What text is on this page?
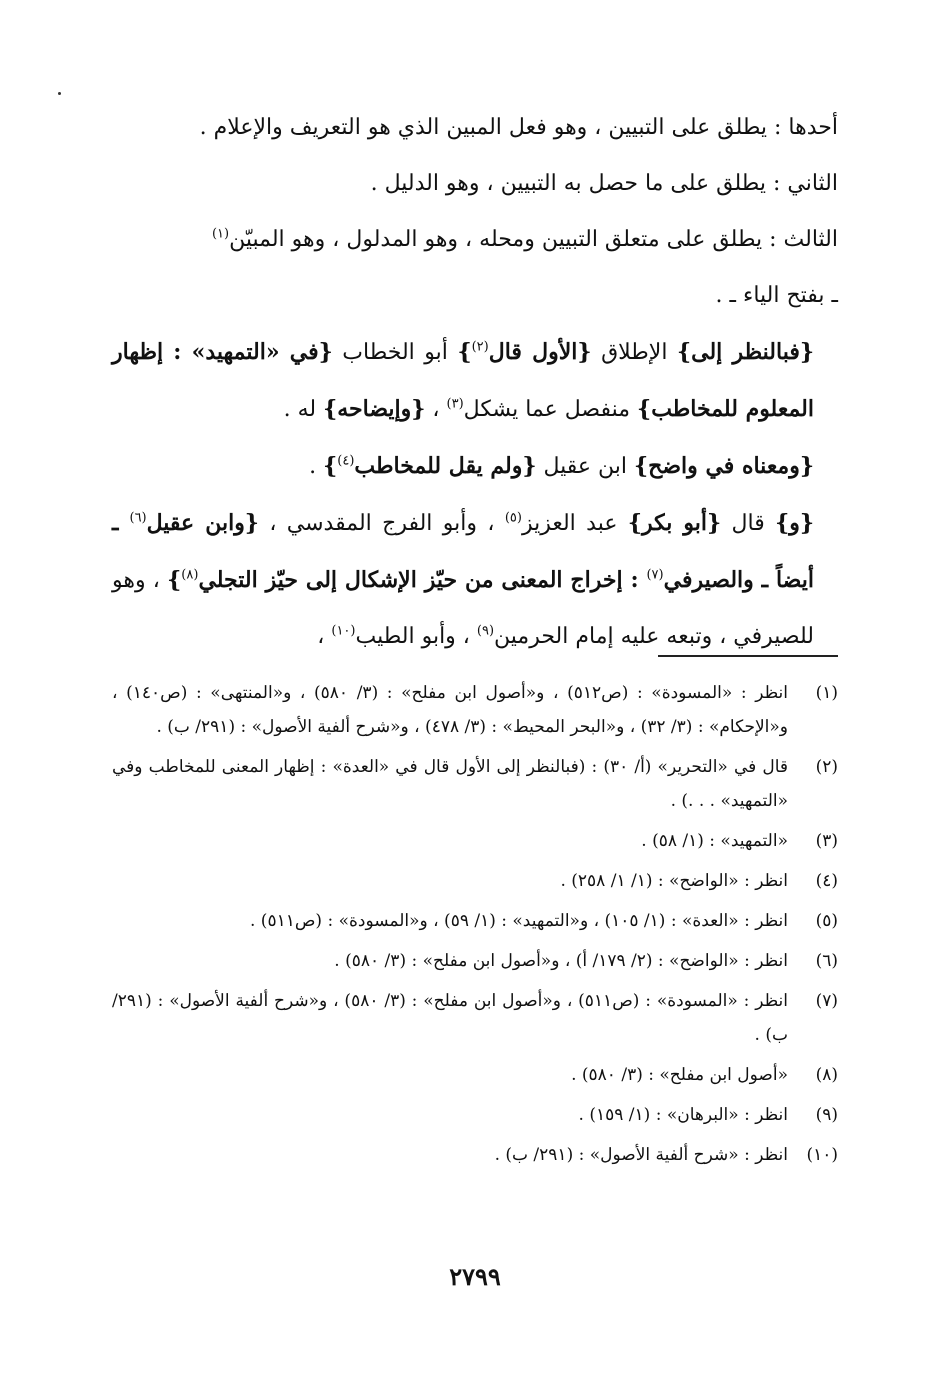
أحدها : يطلق على التبيين ، وهو فعل المبين الذي هو التعريف والإعلام .

الثاني : يطلق على ما حصل به التبيين ، وهو الدليل .

الثالث : يطلق على متعلق التبيين ومحله ، وهو المدلول ، وهو المبيّن$^{(١)}$

ـ بفتح الياء ـ .

{فبالنظر إلى} الإطلاق {الأول قال$^{(٢)}$} أبو الخطاب {في «التمهيد» : إظهار المعلوم للمخاطب} منفصل عما يشكل$^{(٣)}$ ، {وإيضاحه} له .

{ومعناه في واضح} ابن عقيل {ولم يقل للمخاطب$^{(٤)}$} .

{و} قال {أبو بكر} عبد العزيز$^{(٥)}$ ، وأبو الفرج المقدسي ، {وابن عقيل$^{(٦)}$ ـ أيضاً ـ والصيرفي$^{(٧)}$ : إخراج المعنى من حيّز الإشكال إلى حيّز التجلي$^{(٨)}$} ، وهو للصيرفي ، وتبعه عليه إمام الحرمين$^{(٩)}$ ، وأبو الطيب$^{(١٠)}$ ،

(١)
انظر : «المسودة» : (ص٥١٢) ، و«أصول ابن مفلح» : (٣/ ٥٨٠) ، و«المنتهى» : (ص١٤٠) ، و«الإحكام» : (٣/ ٣٢) ، و«البحر المحيط» : (٣/ ٤٧٨) ، و«شرح ألفية الأصول» : (٢٩١/ ب) .
(٢)
قال في «التحرير» (أ/ ٣٠) : (فبالنظر إلى الأول قال في «العدة» : إظهار المعنى للمخاطب وفي «التمهيد» . . .) .
(٣)
«التمهيد» : (١/ ٥٨) .
(٤)
انظر : «الواضح» : (١/ ١/ ٢٥٨) .
(٥)
انظر : «العدة» : (١/ ١٠٥) ، و«التمهيد» : (١/ ٥٩) ، و«المسودة» : (ص٥١١) .
(٦)
انظر : «الواضح» : (٢/ ١٧٩/ أ) ، و«أصول ابن مفلح» : (٣/ ٥٨٠) .
(٧)
انظر : «المسودة» : (ص٥١١) ، و«أصول ابن مفلح» : (٣/ ٥٨٠) ، و«شرح ألفية الأصول» : (٢٩١/ ب) .
(٨)
«أصول ابن مفلح» : (٣/ ٥٨٠) .
(٩)
انظر : «البرهان» : (١/ ١٥٩) .
(١٠)
انظر : «شرح ألفية الأصول» : (٢٩١/ ب) .
٢٧٩٩
